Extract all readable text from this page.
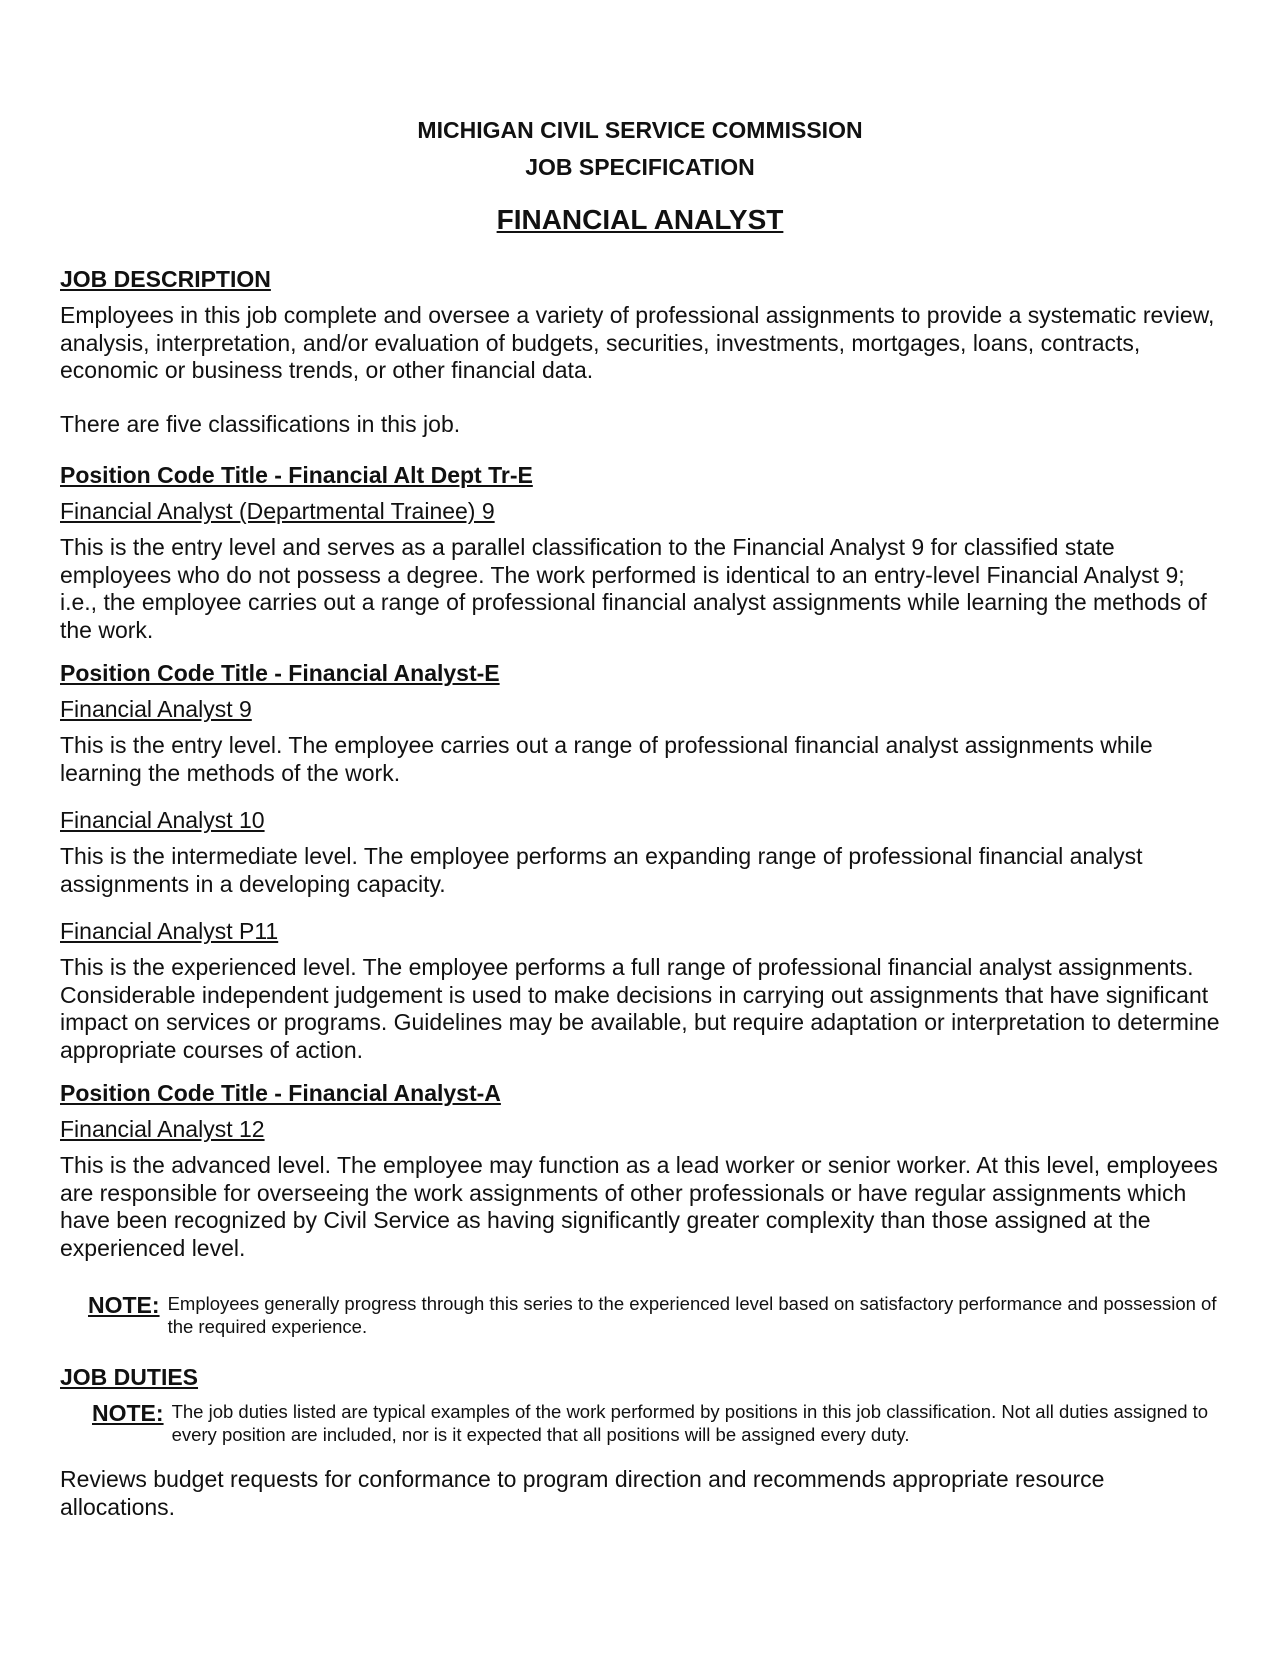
MICHIGAN CIVIL SERVICE COMMISSION

JOB SPECIFICATION

FINANCIAL ANALYST

JOB DESCRIPTION

Employees in this job complete and oversee a variety of professional assignments to provide a systematic review, analysis, interpretation, and/or evaluation of budgets, securities, investments, mortgages, loans, contracts, economic or business trends, or other financial data.

There are five classifications in this job.

Position Code Title - Financial Alt Dept Tr-E

Financial Analyst (Departmental Trainee) 9

This is the entry level and serves as a parallel classification to the Financial Analyst 9 for classified state employees who do not possess a degree. The work performed is identical to an entry-level Financial Analyst 9; i.e., the employee carries out a range of professional financial analyst assignments while learning the methods of the work.

Position Code Title - Financial Analyst-E

Financial Analyst 9

This is the entry level. The employee carries out a range of professional financial analyst assignments while learning the methods of the work.

Financial Analyst 10

This is the intermediate level. The employee performs an expanding range of professional financial analyst assignments in a developing capacity.

Financial Analyst P11

This is the experienced level. The employee performs a full range of professional financial analyst assignments. Considerable independent judgement is used to make decisions in carrying out assignments that have significant impact on services or programs. Guidelines may be available, but require adaptation or interpretation to determine appropriate courses of action.

Position Code Title - Financial Analyst-A

Financial Analyst 12

This is the advanced level. The employee may function as a lead worker or senior worker. At this level, employees are responsible for overseeing the work assignments of other professionals or have regular assignments which have been recognized by Civil Service as having significantly greater complexity than those assigned at the experienced level.

NOTE: Employees generally progress through this series to the experienced level based on satisfactory performance and possession of the required experience.

JOB DUTIES

NOTE: The job duties listed are typical examples of the work performed by positions in this job classification. Not all duties assigned to every position are included, nor is it expected that all positions will be assigned every duty.

Reviews budget requests for conformance to program direction and recommends appropriate resource allocations.
